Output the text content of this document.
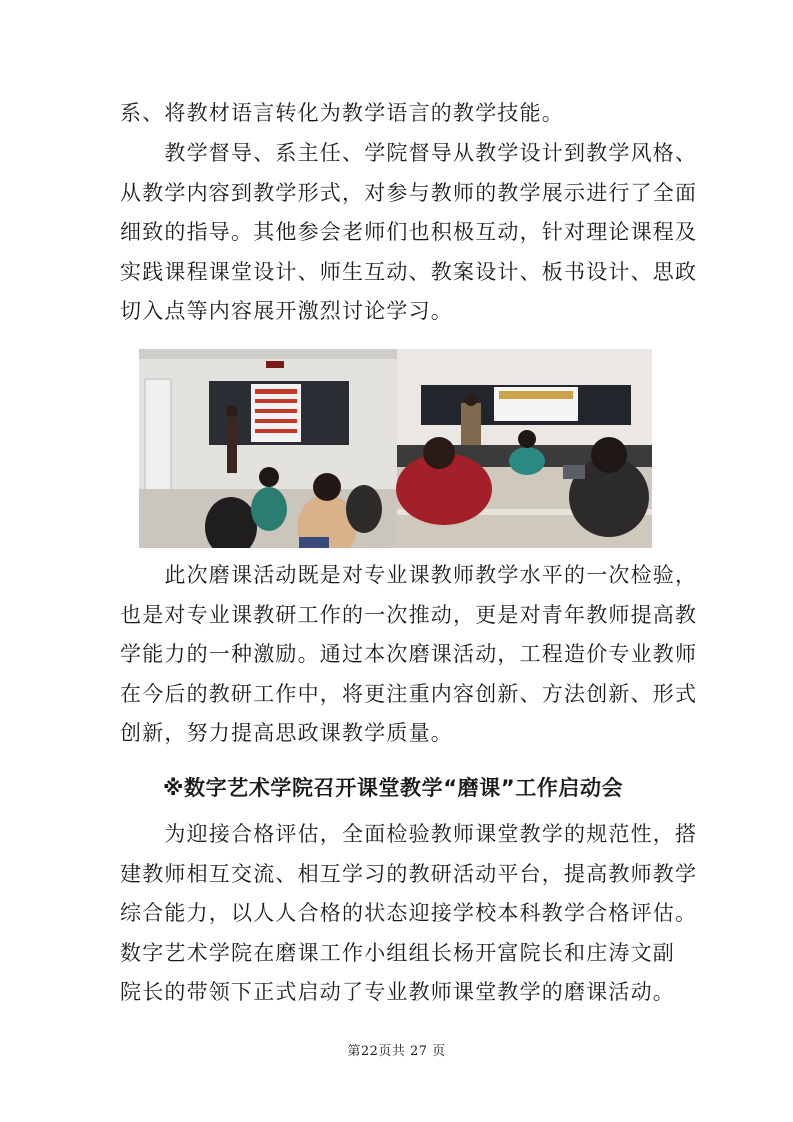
系、将教材语言转化为教学语言的教学技能。

　　教学督导、系主任、学院督导从教学设计到教学风格、
从教学内容到教学形式，对参与教师的教学展示进行了全面
细致的指导。其他参会老师们也积极互动，针对理论课程及
实践课程课堂设计、师生互动、教案设计、板书设计、思政
切入点等内容展开激烈讨论学习。

　　此次磨课活动既是对专业课教师教学水平的一次检验，
也是对专业课教研工作的一次推动，更是对青年教师提高教
学能力的一种激励。通过本次磨课活动，工程造价专业教师
在今后的教研工作中，将更注重内容创新、方法创新、形式
创新，努力提高思政课教学质量。

※数字艺术学院召开课堂教学“磨课”工作启动会

　　为迎接合格评估，全面检验教师课堂教学的规范性，搭
建教师相互交流、相互学习的教研活动平台，提高教师教学
综合能力，以人人合格的状态迎接学校本科教学合格评估。
数字艺术学院在磨课工作小组组长杨开富院长和庄涛文副
院长的带领下正式启动了专业教师课堂教学的磨课活动。

第22页共 27 页
